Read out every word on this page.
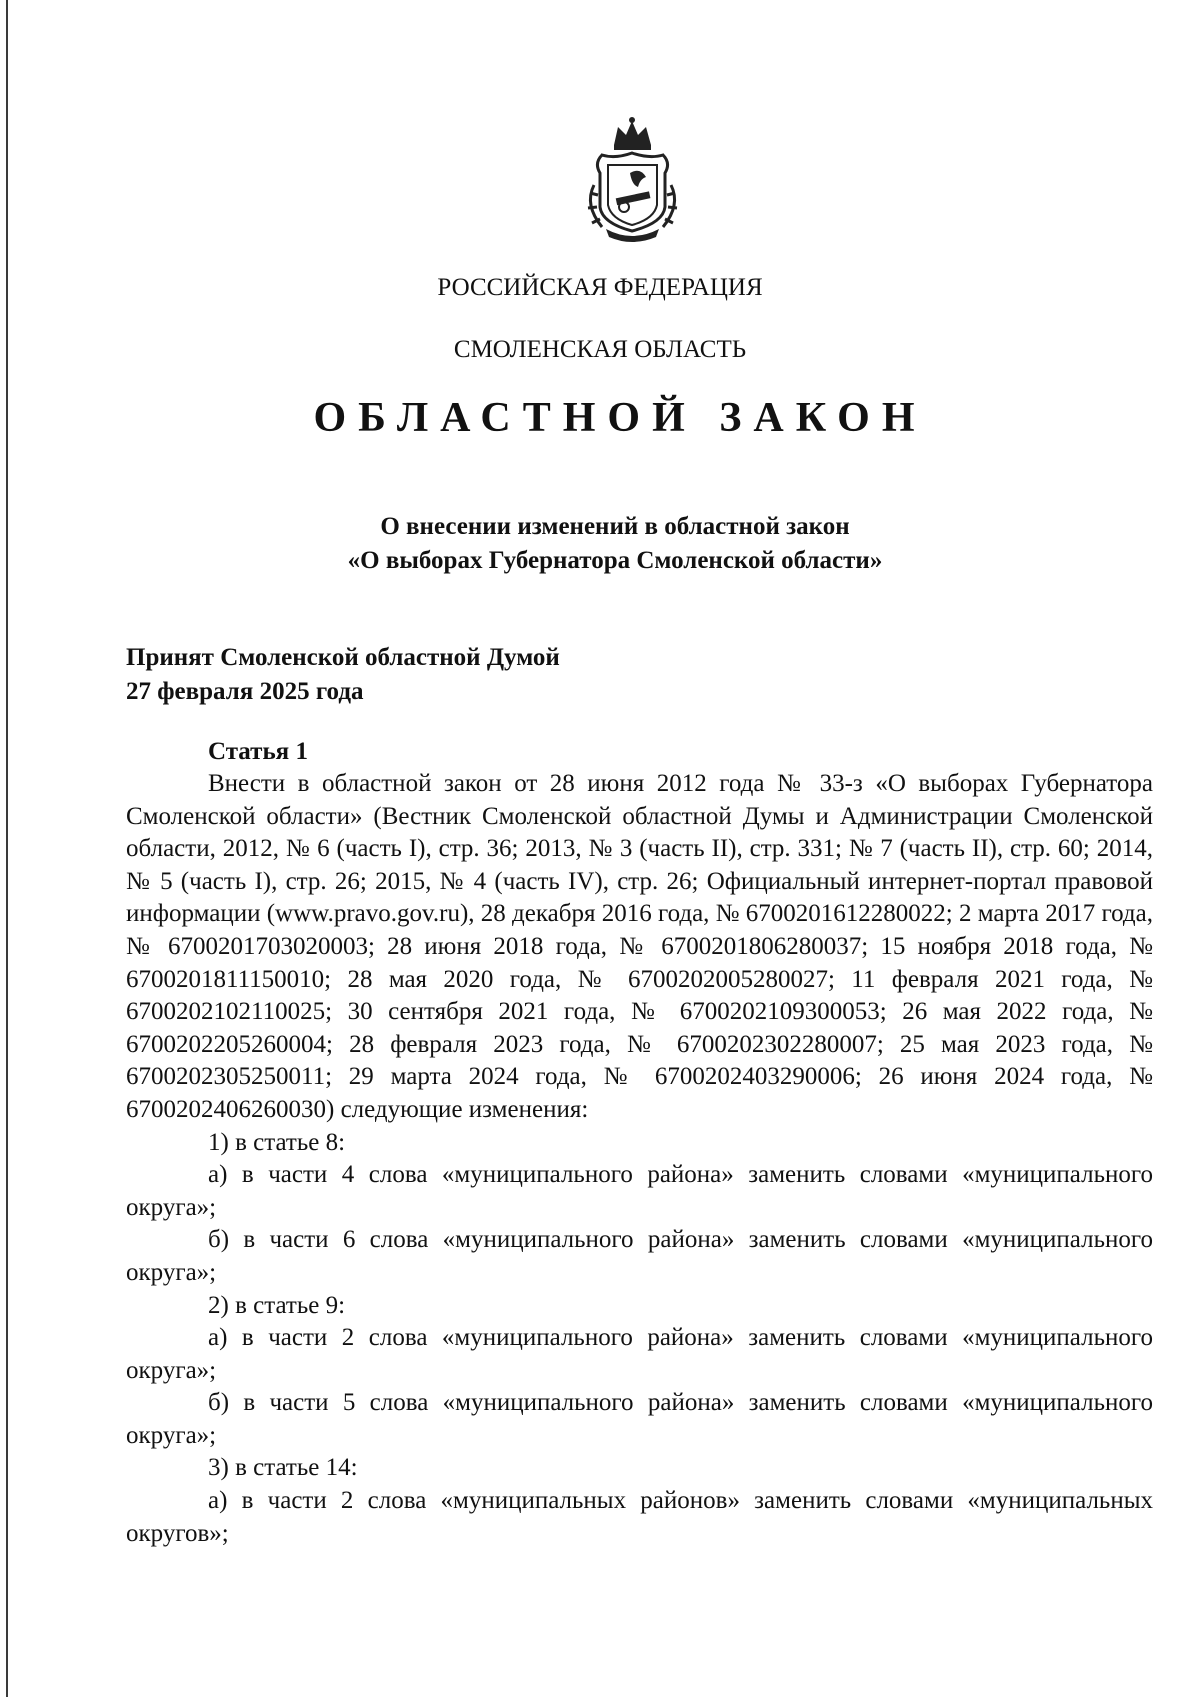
РОССИЙСКАЯ ФЕДЕРАЦИЯ

СМОЛЕНСКАЯ ОБЛАСТЬ

ОБЛАСТНОЙ ЗАКОН

О внесении изменений в областной закон
«О выборах Губернатора Смоленской области»
Принят Смоленской областной Думой
27 февраля 2025 года
Статья 1

Внести в областной закон от 28 июня 2012 года № 33-з «О выборах Губернатора Смоленской области» (Вестник Смоленской областной Думы и Администрации Смоленской области, 2012, № 6 (часть I), стр. 36; 2013, № 3 (часть II), стр. 331; № 7 (часть II), стр. 60; 2014, № 5 (часть I), стр. 26; 2015, № 4 (часть IV), стр. 26; Официальный интернет-портал правовой информации (www.pravo.gov.ru), 28 декабря 2016 года, № 6700201612280022; 2 марта 2017 года, № 6700201703020003; 28 июня 2018 года, № 6700201806280037; 15 ноября 2018 года, № 6700201811150010; 28 мая 2020 года, № 6700202005280027; 11 февраля 2021 года, № 6700202102110025; 30 сентября 2021 года, № 6700202109300053; 26 мая 2022 года, № 6700202205260004; 28 февраля 2023 года, № 6700202302280007; 25 мая 2023 года, № 6700202305250011; 29 марта 2024 года, № 6700202403290006; 26 июня 2024 года, № 6700202406260030) следующие изменения:

1) в статье 8:

а) в части 4 слова «муниципального района» заменить словами «муниципального округа»;

б) в части 6 слова «муниципального района» заменить словами «муниципального округа»;

2) в статье 9:

а) в части 2 слова «муниципального района» заменить словами «муниципального округа»;

б) в части 5 слова «муниципального района» заменить словами «муниципального округа»;

3) в статье 14:

а) в части 2 слова «муниципальных районов» заменить словами «муниципальных округов»;
